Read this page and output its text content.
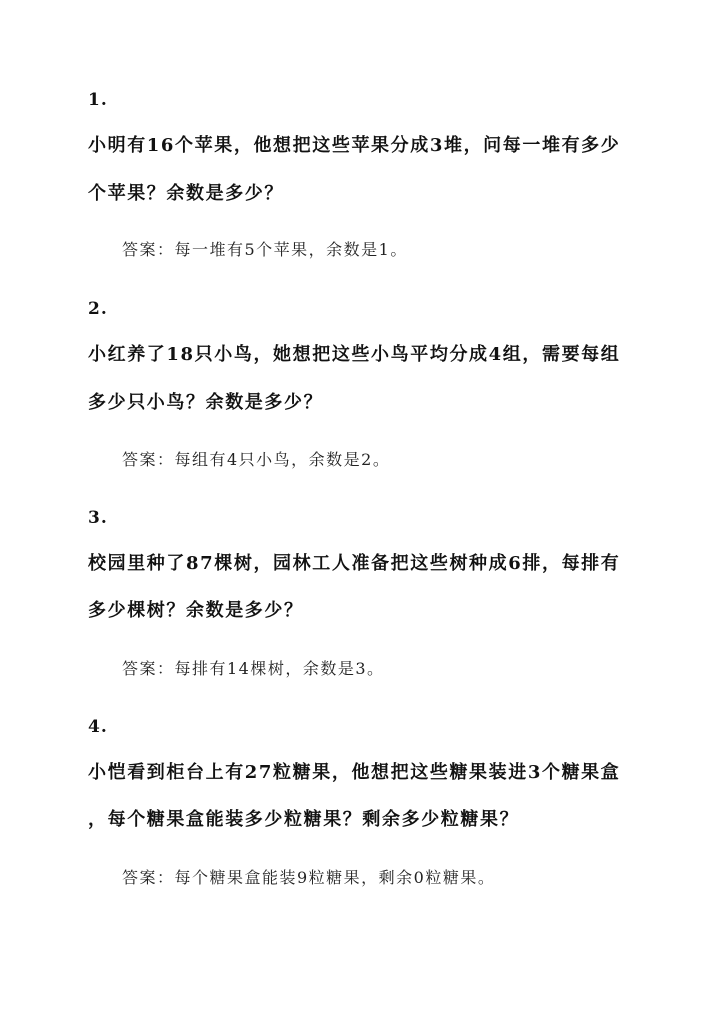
1.
小明有16个苹果，他想把这些苹果分成3堆，问每一堆有多少
个苹果？余数是多少？
答案：每一堆有5个苹果，余数是1。
2.
小红养了18只小鸟，她想把这些小鸟平均分成4组，需要每组
多少只小鸟？余数是多少？
答案：每组有4只小鸟，余数是2。
3.
校园里种了87棵树，园林工人准备把这些树种成6排，每排有
多少棵树？余数是多少？
答案：每排有14棵树，余数是3。
4.
小恺看到柜台上有27粒糖果，他想把这些糖果装进3个糖果盒
，每个糖果盒能装多少粒糖果？剩余多少粒糖果？
答案：每个糖果盒能装9粒糖果，剩余0粒糖果。
